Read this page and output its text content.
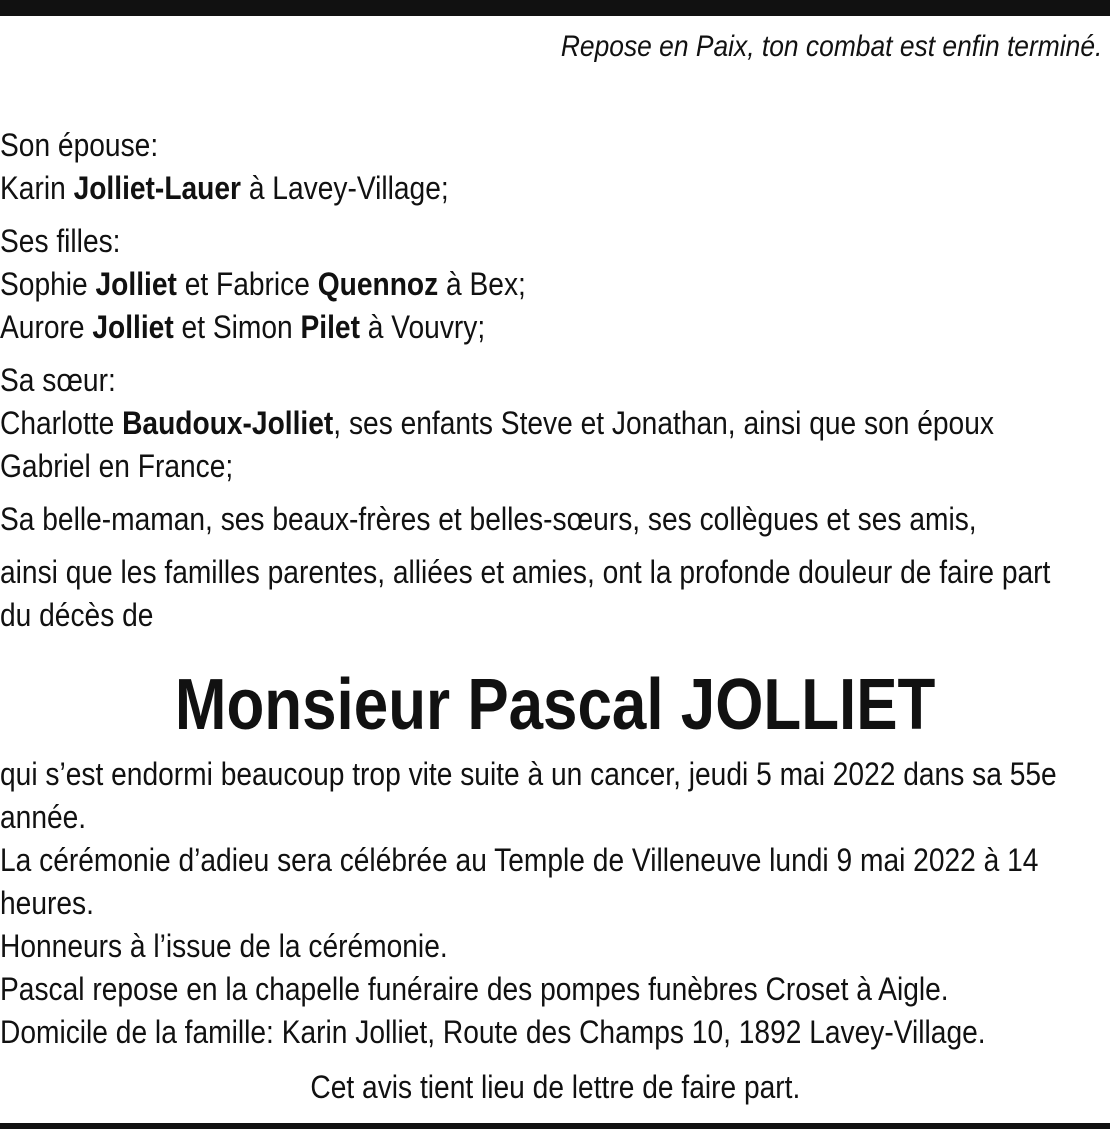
Repose en Paix, ton combat est enfin terminé.

Son épouse:

Karin Jolliet-Lauer à Lavey-Village;

Ses filles:

Sophie Jolliet et Fabrice Quennoz à Bex;

Aurore Jolliet et Simon Pilet à Vouvry;

Sa sœur:

Charlotte Baudoux-Jolliet, ses enfants Steve et Jonathan, ainsi que son époux Gabriel en France;

Sa belle-maman, ses beaux-frères et belles-sœurs, ses collègues et ses amis,

ainsi que les familles parentes, alliées et amies, ont la profonde douleur de faire part du décès de

Monsieur Pascal JOLLIET

qui s’est endormi beaucoup trop vite suite à un cancer, jeudi 5 mai 2022 dans sa 55e année.

La cérémonie d’adieu sera célébrée au Temple de Villeneuve lundi 9 mai 2022 à 14 heures.

Honneurs à l’issue de la cérémonie.

Pascal repose en la chapelle funéraire des pompes funèbres Croset à Aigle.

Domicile de la famille: Karin Jolliet, Route des Champs 10, 1892 Lavey-Village.

Cet avis tient lieu de lettre de faire part.
